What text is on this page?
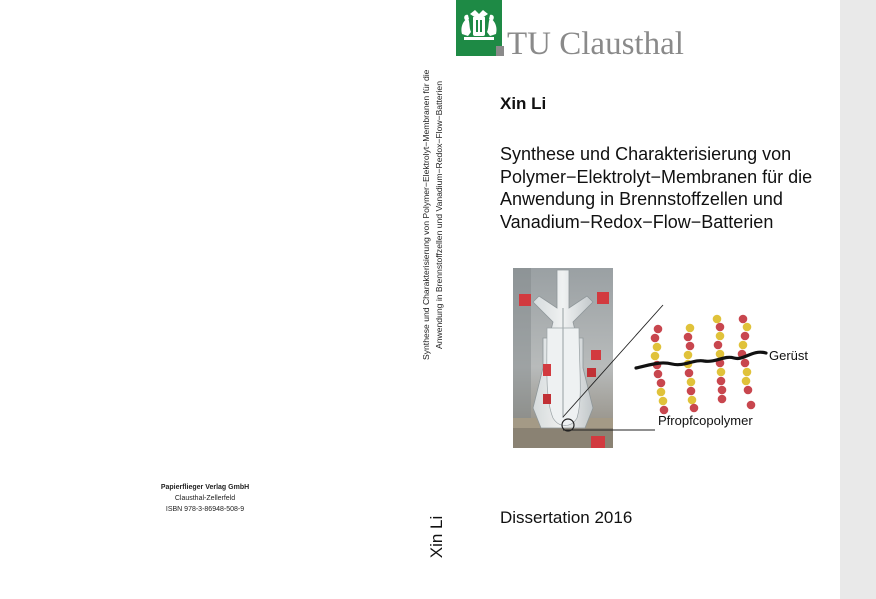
Papierflieger Verlag GmbH
Clausthal-Zellerfeld
ISBN 978-3-86948-508-9
Synthese und Charakterisierung von Polymer−Elektrolyt−Membranen für die Anwendung in Brennstoffzellen und Vanadium−Redox−Flow−Batterien
Xin Li
TU Clausthal
Xin Li
Synthese und Charakterisierung von
Polymer−Elektrolyt−Membranen für die
Anwendung in Brennstoffzellen und
Vanadium−Redox−Flow−Batterien
Gerüst
Pfropfcopolymer
Dissertation 2016
